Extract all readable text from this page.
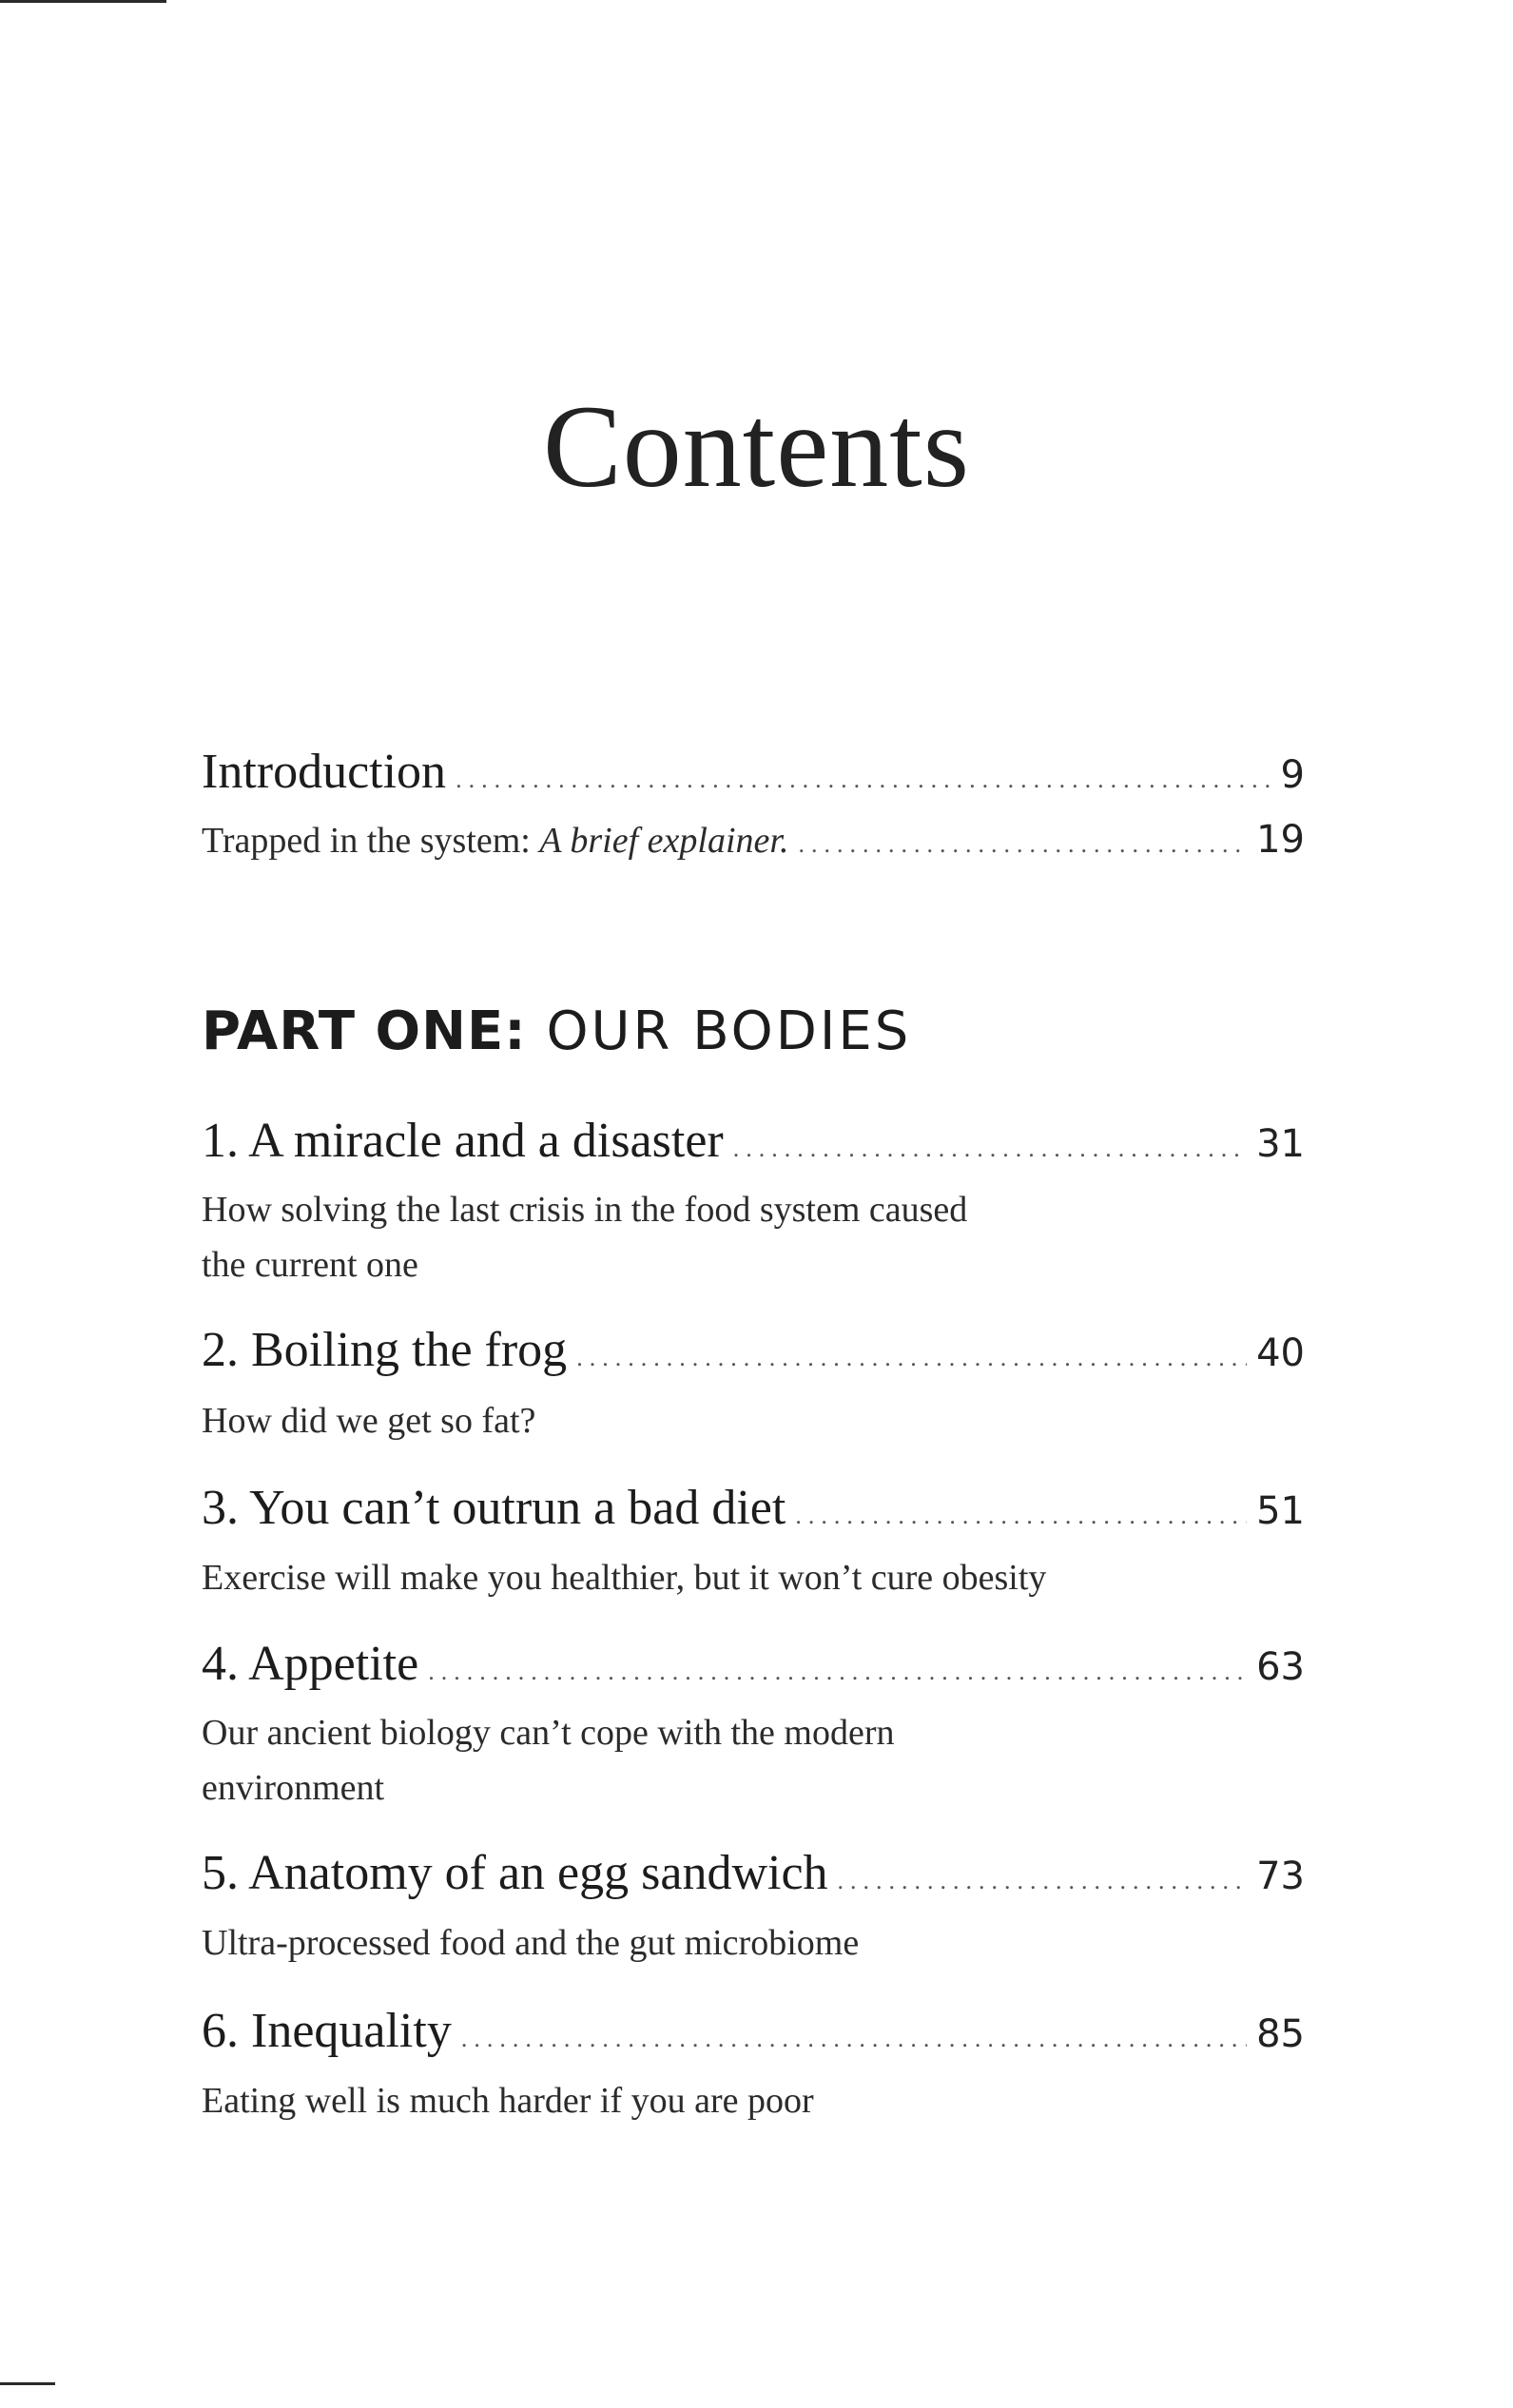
Contents
Introduction .....	9
Trapped in the system: A brief explainer. .....	19
PART ONE: OUR BODIES
1. A miracle and a disaster .....	31
How solving the last crisis in the food system caused the current one
2. Boiling the frog .....	40
How did we get so fat?
3. You can’t outrun a bad diet .....	51
Exercise will make you healthier, but it won’t cure obesity
4. Appetite .....	63
Our ancient biology can’t cope with the modern environment
5. Anatomy of an egg sandwich .....	73
Ultra-processed food and the gut microbiome
6. Inequality .....	85
Eating well is much harder if you are poor
